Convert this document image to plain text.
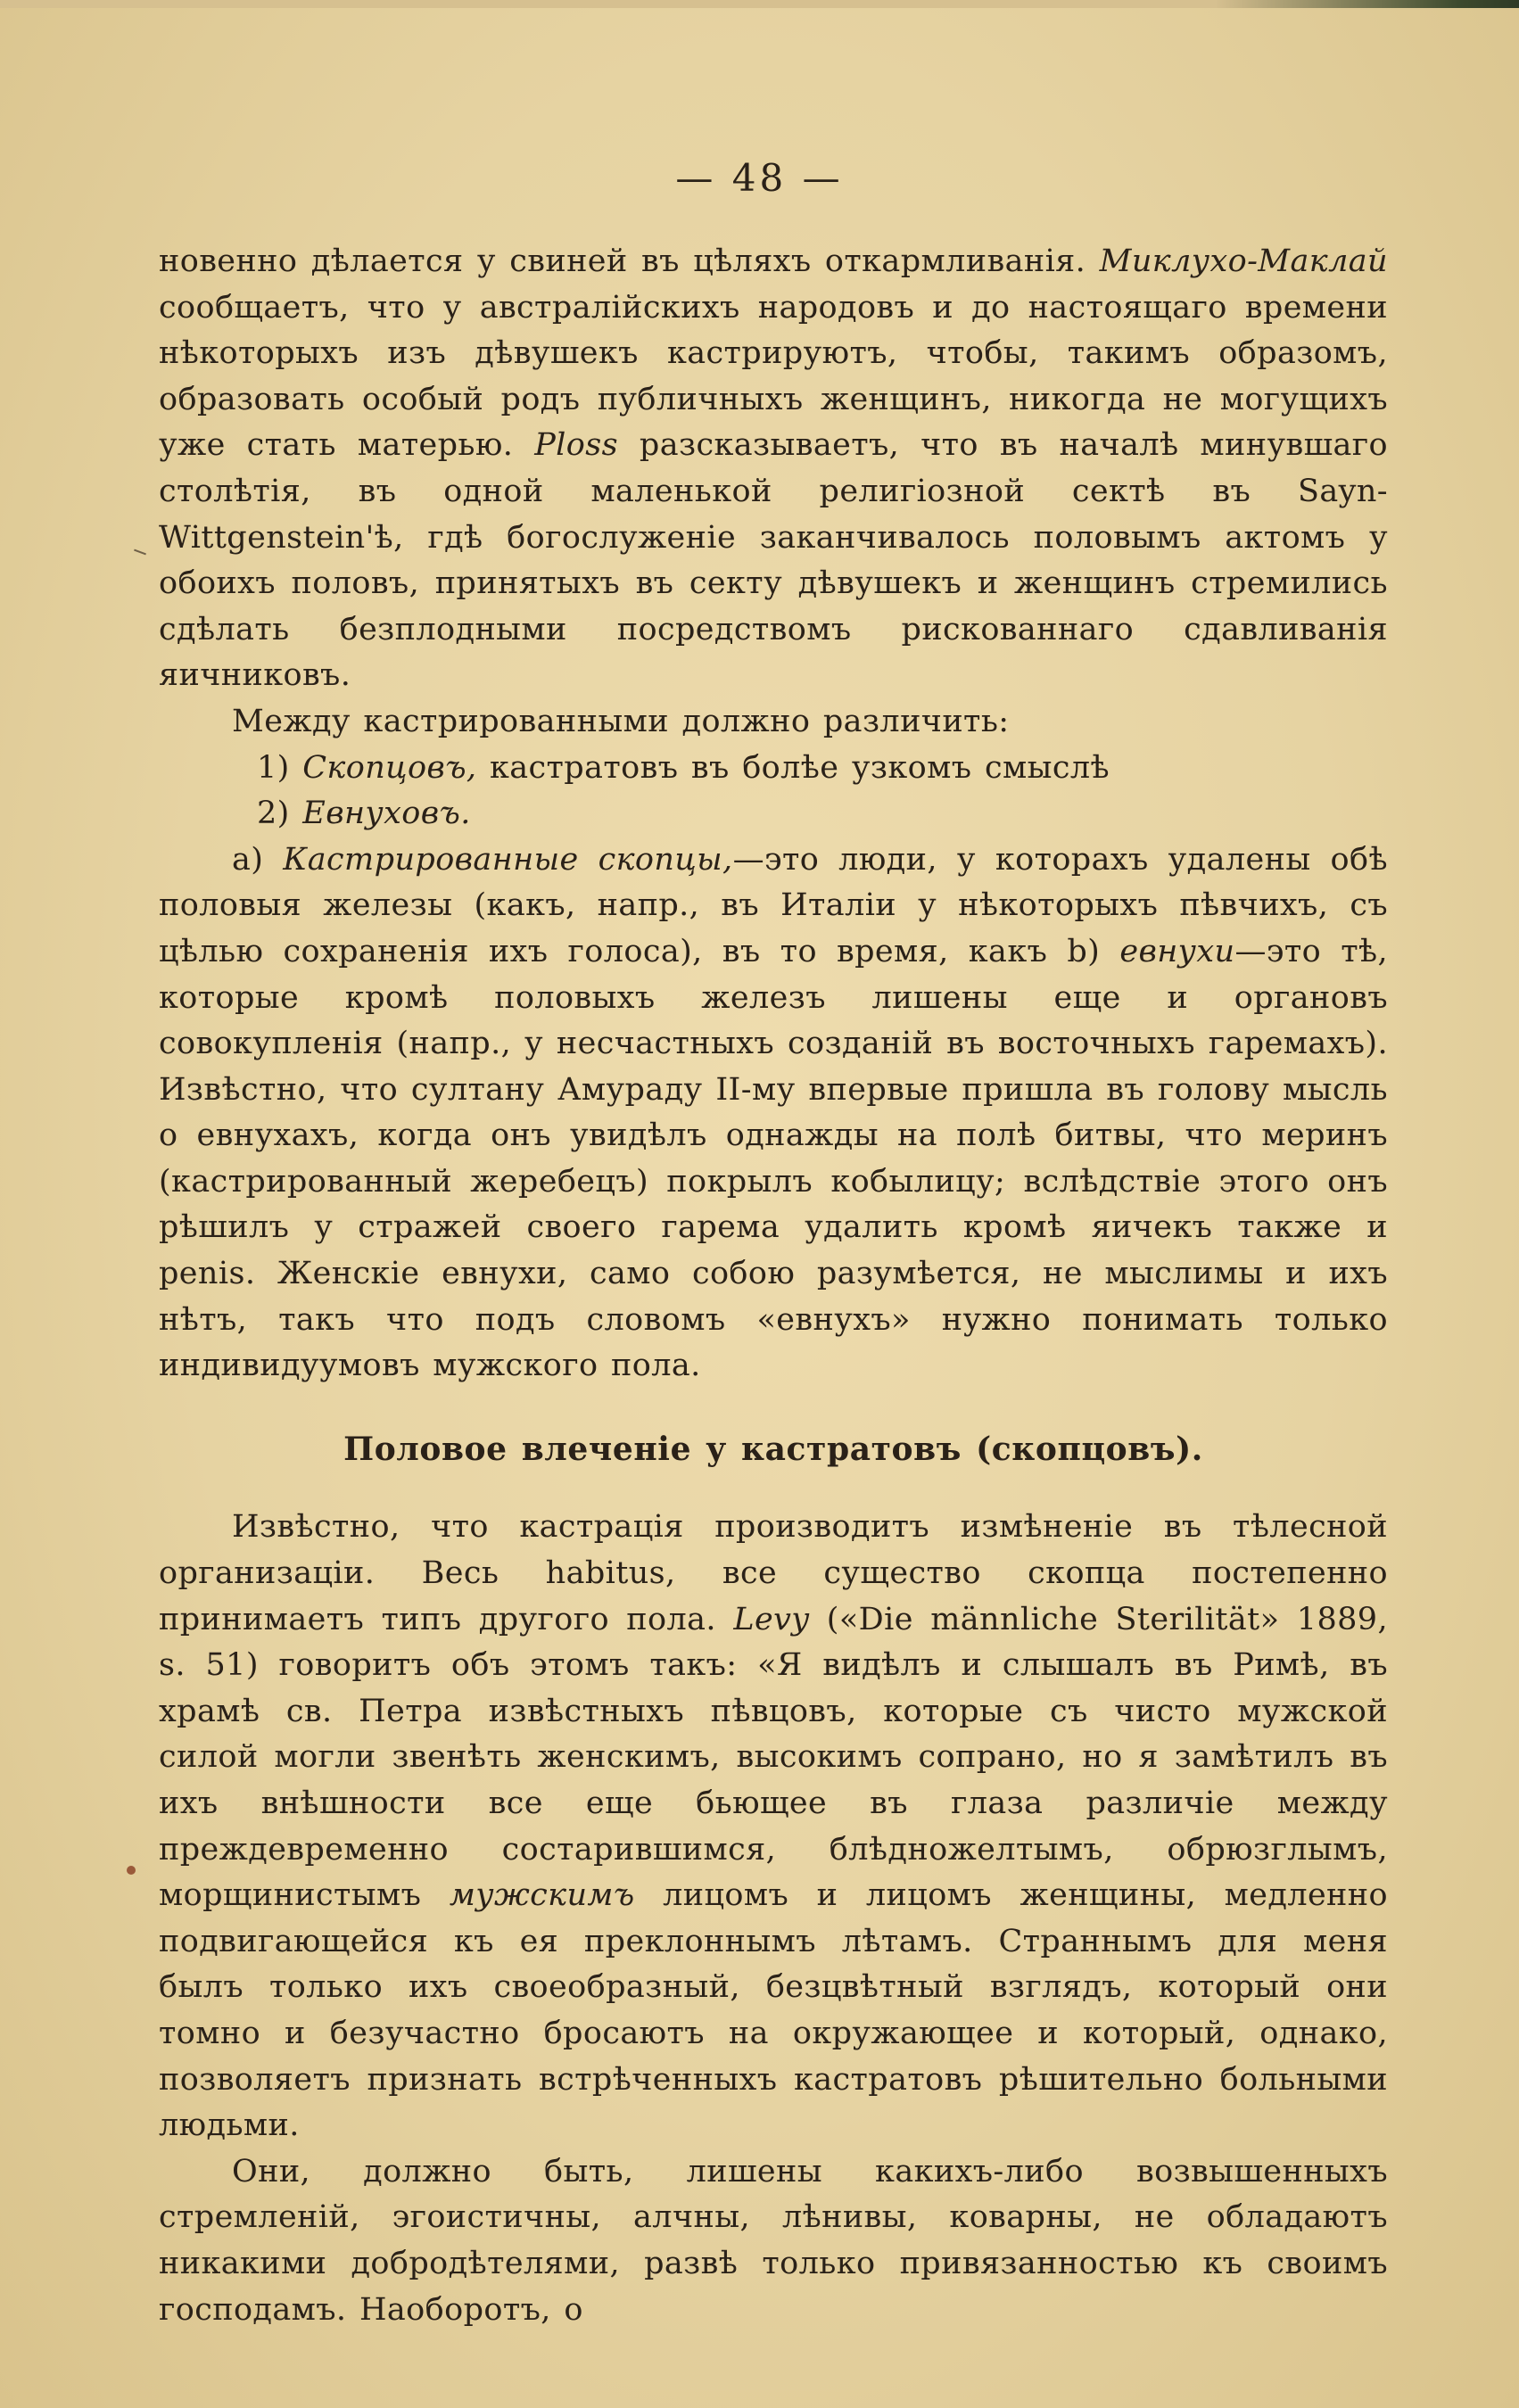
— 48 —

новенно дѣлается у свиней въ цѣляхъ откармливанія. Миклухо-Маклай сообщаетъ, что у австралійскихъ народовъ и до настоящаго времени нѣкоторыхъ изъ дѣвушекъ кастрируютъ, чтобы, такимъ образомъ, образовать особый родъ публичныхъ женщинъ, никогда не могущихъ уже стать матерью. Ploss разсказываетъ, что въ началѣ минувшаго столѣтія, въ одной маленькой религіозной сектѣ въ Sayn-Wittgenstein'ѣ, гдѣ богослуженіе заканчивалось половымъ актомъ у обоихъ половъ, принятыхъ въ секту дѣвушекъ и женщинъ стремились сдѣлать безплодными посредствомъ рискованнаго сдавливанія яичниковъ.

Между кастрированными должно различить:

1) Скопцовъ, кастратовъ въ болѣе узкомъ смыслѣ

2) Евнуховъ.

а) Кастрированные скопцы,—это люди, у которахъ удалены обѣ половыя железы (какъ, напр., въ Италіи у нѣкоторыхъ пѣвчихъ, съ цѣлью сохраненія ихъ голоса), въ то время, какъ b) евнухи—это тѣ, которые кромѣ половыхъ железъ лишены еще и органовъ совокупленія (напр., у несчастныхъ созданій въ восточныхъ гаремахъ). Извѣстно, что султану Амураду II-му впервые пришла въ голову мысль о евнухахъ, когда онъ увидѣлъ однажды на полѣ битвы, что меринъ (кастрированный жеребецъ) покрылъ кобылицу; вслѣдствіе этого онъ рѣшилъ у стражей своего гарема удалить кромѣ яичекъ также и penis. Женскіе евнухи, само собою разумѣется, не мыслимы и ихъ нѣтъ, такъ что подъ словомъ «евнухъ» нужно понимать только индивидуумовъ мужского пола.

Половое влеченіе у кастратовъ (скопцовъ).

Извѣстно, что кастрація производитъ измѣненіе въ тѣлесной организаціи. Весь habitus, все существо скопца постепенно принимаетъ типъ другого пола. Levy («Die männliche Sterilität» 1889, s. 51) говоритъ объ этомъ такъ: «Я видѣлъ и слышалъ въ Римѣ, въ храмѣ св. Петра извѣстныхъ пѣвцовъ, которые съ чисто мужской силой могли звенѣть женскимъ, высокимъ сопрано, но я замѣтилъ въ ихъ внѣшности все еще бьющее въ глаза различіе между преждевременно состарившимся, блѣдножелтымъ, обрюзглымъ, морщинистымъ мужскимъ лицомъ и лицомъ женщины, медленно подвигающейся къ ея преклоннымъ лѣтамъ. Страннымъ для меня былъ только ихъ своеобразный, безцвѣтный взглядъ, который они томно и безучастно бросаютъ на окружающее и который, однако, позволяетъ признать встрѣченныхъ кастратовъ рѣшительно больными людьми.

Они, должно быть, лишены какихъ-либо возвышенныхъ стремленій, эгоистичны, алчны, лѣнивы, коварны, не обладаютъ никакими добродѣтелями, развѣ только привязанностью къ своимъ господамъ. Наоборотъ, о
